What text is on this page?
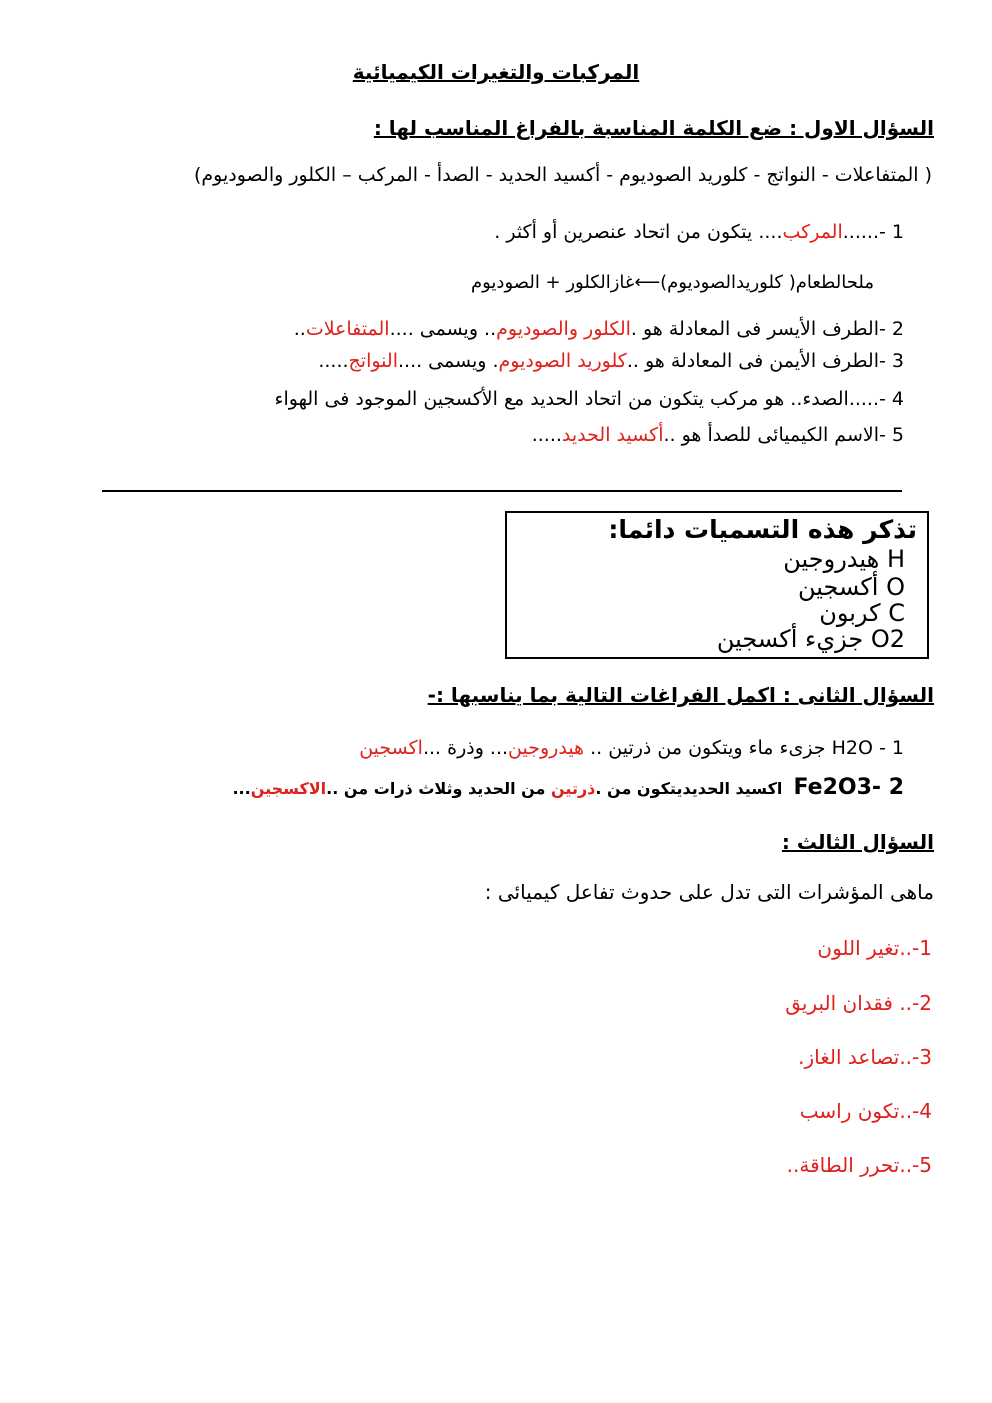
المركبات والتغيرات الكيميائية
السؤال الاول : ضع الكلمة المناسبة بالفراغ المناسب لها :
( المتفاعلات - النواتج - كلوريد الصوديوم - أكسيد الحديد - الصدأ - المركب – الكلور والصوديوم)
1 -......المركب.... يتكون من اتحاد عنصرين أو أكثر .
ملحالطعام( كلوريدالصوديوم)⟵غازالكلور + الصوديوم
2 -الطرف الأيسر فى المعادلة هو .الكلور والصوديوم.. ويسمى ....المتفاعلات..
3 -الطرف الأيمن فى المعادلة هو ..كلوريد الصوديوم. ويسمى ....النواتج.....
4 -.....الصدء.. هو مركب يتكون من اتحاد الحديد مع الأكسجين الموجود فى الهواء
5 -الاسم الكيميائى للصدأ هو ..أكسيد الحديد.....
تذكر هذه التسميات دائما:
H هيدروجين
O أكسجين
C كربون
O2 جزيء أكسجين
السؤال الثانى : اكمل الفراغات التالية بما يناسبها :-
1 - H2O جزىء ماء ويتكون من ذرتين .. هيدروجين... وذرة ...اكسجين
2 -Fe2O3  اكسيد الحديديتكون من .ذرتين من الحديد وثلاث ذرات من ..الاكسجين...
السؤال الثالث :
ماهى المؤشرات التى تدل على حدوث تفاعل كيميائى :
1-..تغير اللون
2-.. فقدان البريق
3-..تصاعد الغاز.
4-..تكون راسب
5-..تحرر الطاقة..
